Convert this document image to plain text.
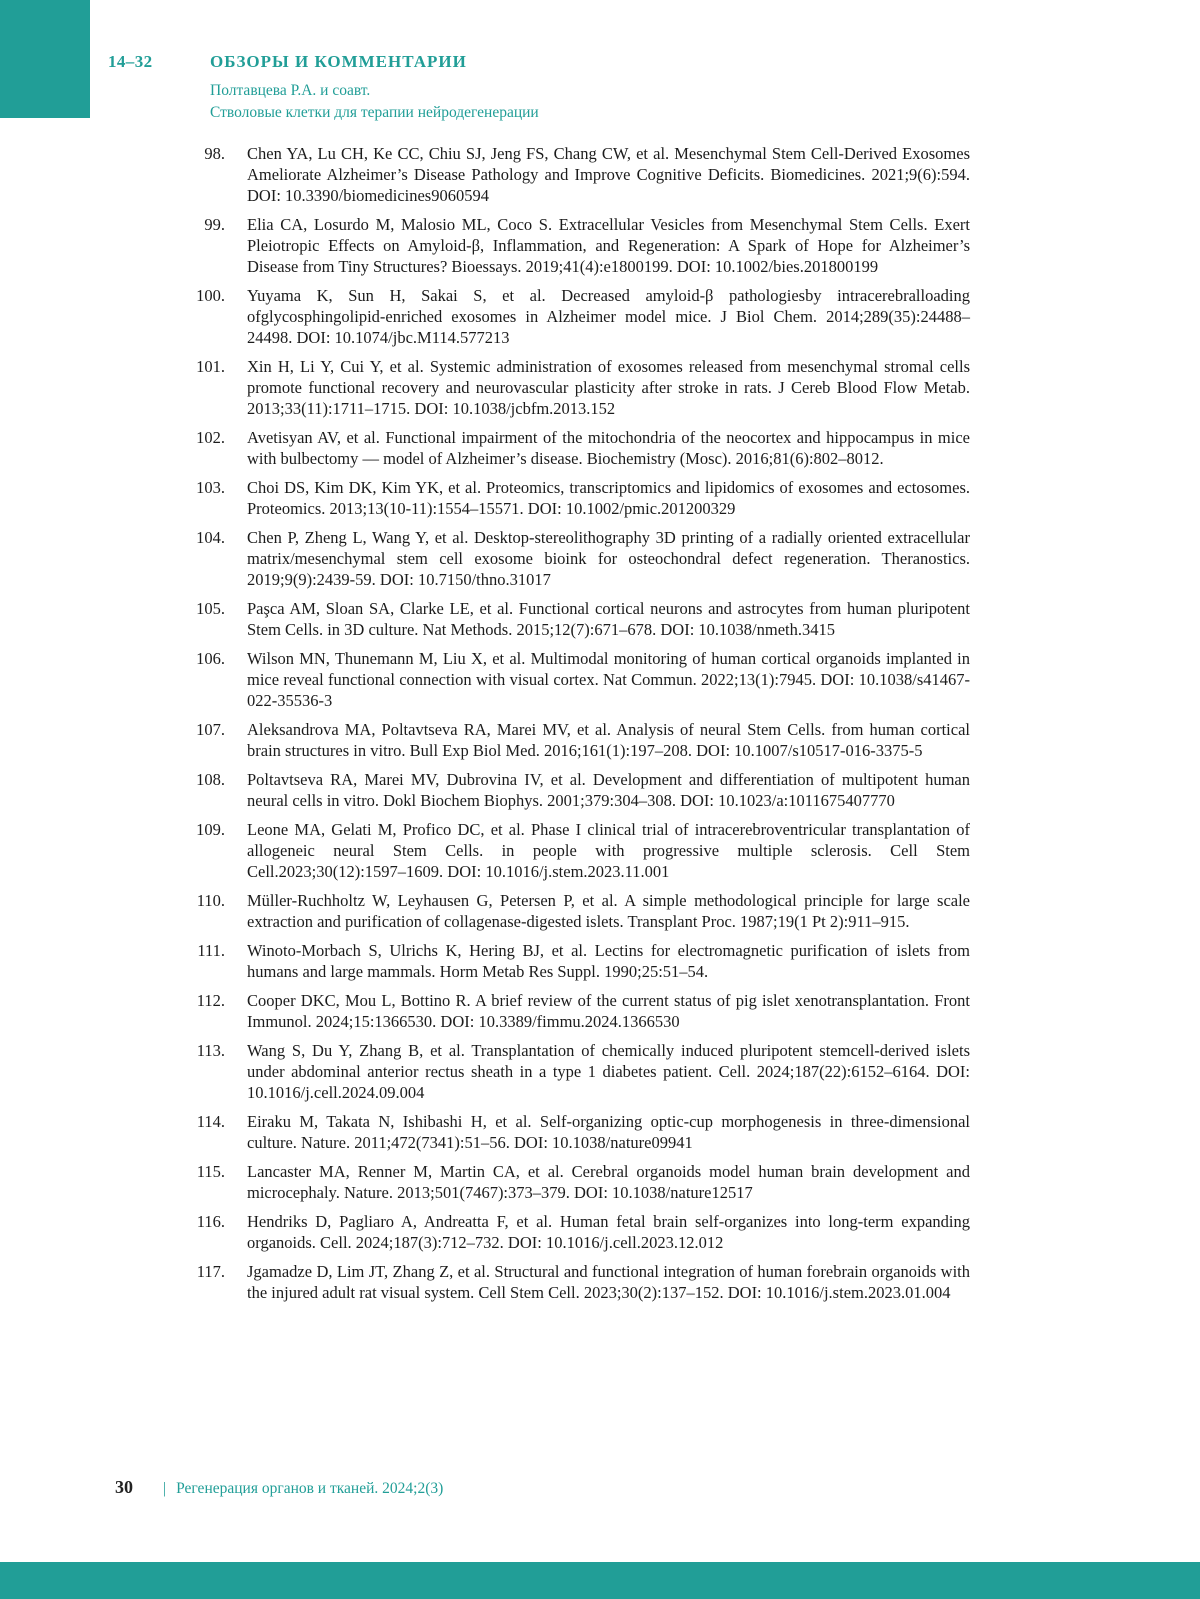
14–32	ОБЗОРЫ И КОММЕНТАРИИ
Полтавцева Р.А. и соавт.
Стволовые клетки для терапии нейродегенерации
98. Chen YA, Lu CH, Ke CC, Chiu SJ, Jeng FS, Chang CW, et al. Mesenchymal Stem Cell-Derived Exosomes Ameliorate Alzheimer’s Disease Pathology and Improve Cognitive Deficits. Biomedicines. 2021;9(6):594. DOI: 10.3390/biomedicines9060594
99. Elia CA, Losurdo M, Malosio ML, Coco S. Extracellular Vesicles from Mesenchymal Stem Cells. Exert Pleiotropic Effects on Amyloid-β, Inflammation, and Regeneration: A Spark of Hope for Alzheimer’s Disease from Tiny Structures? Bioessays. 2019;41(4):e1800199. DOI: 10.1002/bies.201800199
100. Yuyama K, Sun H, Sakai S, et al. Decreased amyloid-β pathologiesby intracerebralloading ofglycosphingolipid-enriched exosomes in Alzheimer model mice. J Biol Chem. 2014;289(35):24488–24498. DOI: 10.1074/jbc.M114.577213
101. Xin H, Li Y, Cui Y, et al. Systemic administration of exosomes released from mesenchymal stromal cells promote functional recovery and neurovascular plasticity after stroke in rats. J Cereb Blood Flow Metab. 2013;33(11):1711–1715. DOI: 10.1038/jcbfm.2013.152
102. Avetisyan AV, et al. Functional impairment of the mitochondria of the neocortex and hippocampus in mice with bulbectomy — model of Alzheimer’s disease. Biochemistry (Mosc). 2016;81(6):802–8012.
103. Choi DS, Kim DK, Kim YK, et al. Proteomics, transcriptomics and lipidomics of exosomes and ectosomes. Proteomics. 2013;13(10-11):1554–15571. DOI: 10.1002/pmic.201200329
104. Chen P, Zheng L, Wang Y, et al. Desktop-stereolithography 3D printing of a radially oriented extracellular matrix/mesenchymal stem cell exosome bioink for osteochondral defect regeneration. Theranostics. 2019;9(9):2439-59. DOI: 10.7150/thno.31017
105. Paşca AM, Sloan SA, Clarke LE, et al. Functional cortical neurons and astrocytes from human pluripotent Stem Cells. in 3D culture. Nat Methods. 2015;12(7):671–678. DOI: 10.1038/nmeth.3415
106. Wilson MN, Thunemann M, Liu X, et al. Multimodal monitoring of human cortical organoids implanted in mice reveal functional connection with visual cortex. Nat Commun. 2022;13(1):7945. DOI: 10.1038/s41467-022-35536-3
107. Aleksandrova MA, Poltavtseva RA, Marei MV, et al. Analysis of neural Stem Cells. from human cortical brain structures in vitro. Bull Exp Biol Med. 2016;161(1):197–208. DOI: 10.1007/s10517-016-3375-5
108. Poltavtseva RA, Marei MV, Dubrovina IV, et al. Development and differentiation of multipotent human neural cells in vitro. Dokl Biochem Biophys. 2001;379:304–308. DOI: 10.1023/a:1011675407770
109. Leone MA, Gelati M, Profico DC, et al. Phase I clinical trial of intracerebroventricular transplantation of allogeneic neural Stem Cells. in people with progressive multiple sclerosis. Cell Stem Cell.2023;30(12):1597–1609. DOI: 10.1016/j.stem.2023.11.001
110. Müller-Ruchholtz W, Leyhausen G, Petersen P, et al. A simple methodological principle for large scale extraction and purification of collagenase-digested islets. Transplant Proc. 1987;19(1 Pt 2):911–915.
111. Winoto-Morbach S, Ulrichs K, Hering BJ, et al. Lectins for electromagnetic purification of islets from humans and large mammals. Horm Metab Res Suppl. 1990;25:51–54.
112. Cooper DKC, Mou L, Bottino R. A brief review of the current status of pig islet xenotransplantation. Front Immunol. 2024;15:1366530. DOI: 10.3389/fimmu.2024.1366530
113. Wang S, Du Y, Zhang B, et al. Transplantation of chemically induced pluripotent stemcell-derived islets under abdominal anterior rectus sheath in a type 1 diabetes patient. Cell. 2024;187(22):6152–6164. DOI: 10.1016/j.cell.2024.09.004
114. Eiraku M, Takata N, Ishibashi H, et al. Self-organizing optic-cup morphogenesis in three-dimensional culture. Nature. 2011;472(7341):51–56. DOI: 10.1038/nature09941
115. Lancaster MA, Renner M, Martin CA, et al. Cerebral organoids model human brain development and microcephaly. Nature. 2013;501(7467):373–379. DOI: 10.1038/nature12517
116. Hendriks D, Pagliaro A, Andreatta F, et al. Human fetal brain self-organizes into long-term expanding organoids. Cell. 2024;187(3):712–732. DOI: 10.1016/j.cell.2023.12.012
117. Jgamadze D, Lim JT, Zhang Z, et al. Structural and functional integration of human forebrain organoids with the injured adult rat visual system. Cell Stem Cell. 2023;30(2):137–152. DOI: 10.1016/j.stem.2023.01.004
30 | Регенерация органов и тканей. 2024;2(3)
